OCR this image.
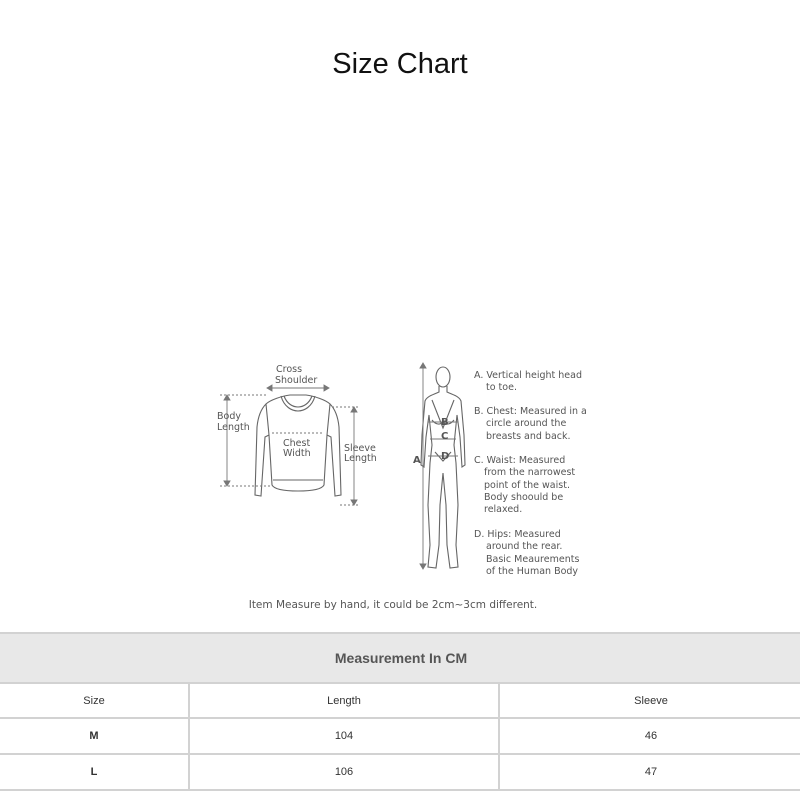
Size Chart
Cross
Shoulder
Body
Length
Chest
Width	Sleeve
Length	A
B
C
D
A. Vertical height head
to toe.
B. Chest: Measured in a
circle around the
breasts and back.
C. Waist: Measured
from the narrowest
point of the waist.
Body shoould be
relaxed.
D. Hips: Measured
around the rear.
Basic Meaurements
of the Human Body
Item Measure by hand, it could be 2cm~3cm different.
Measurement In CM		
Size	Length	Sleeve
M	104	46
L	106	47
